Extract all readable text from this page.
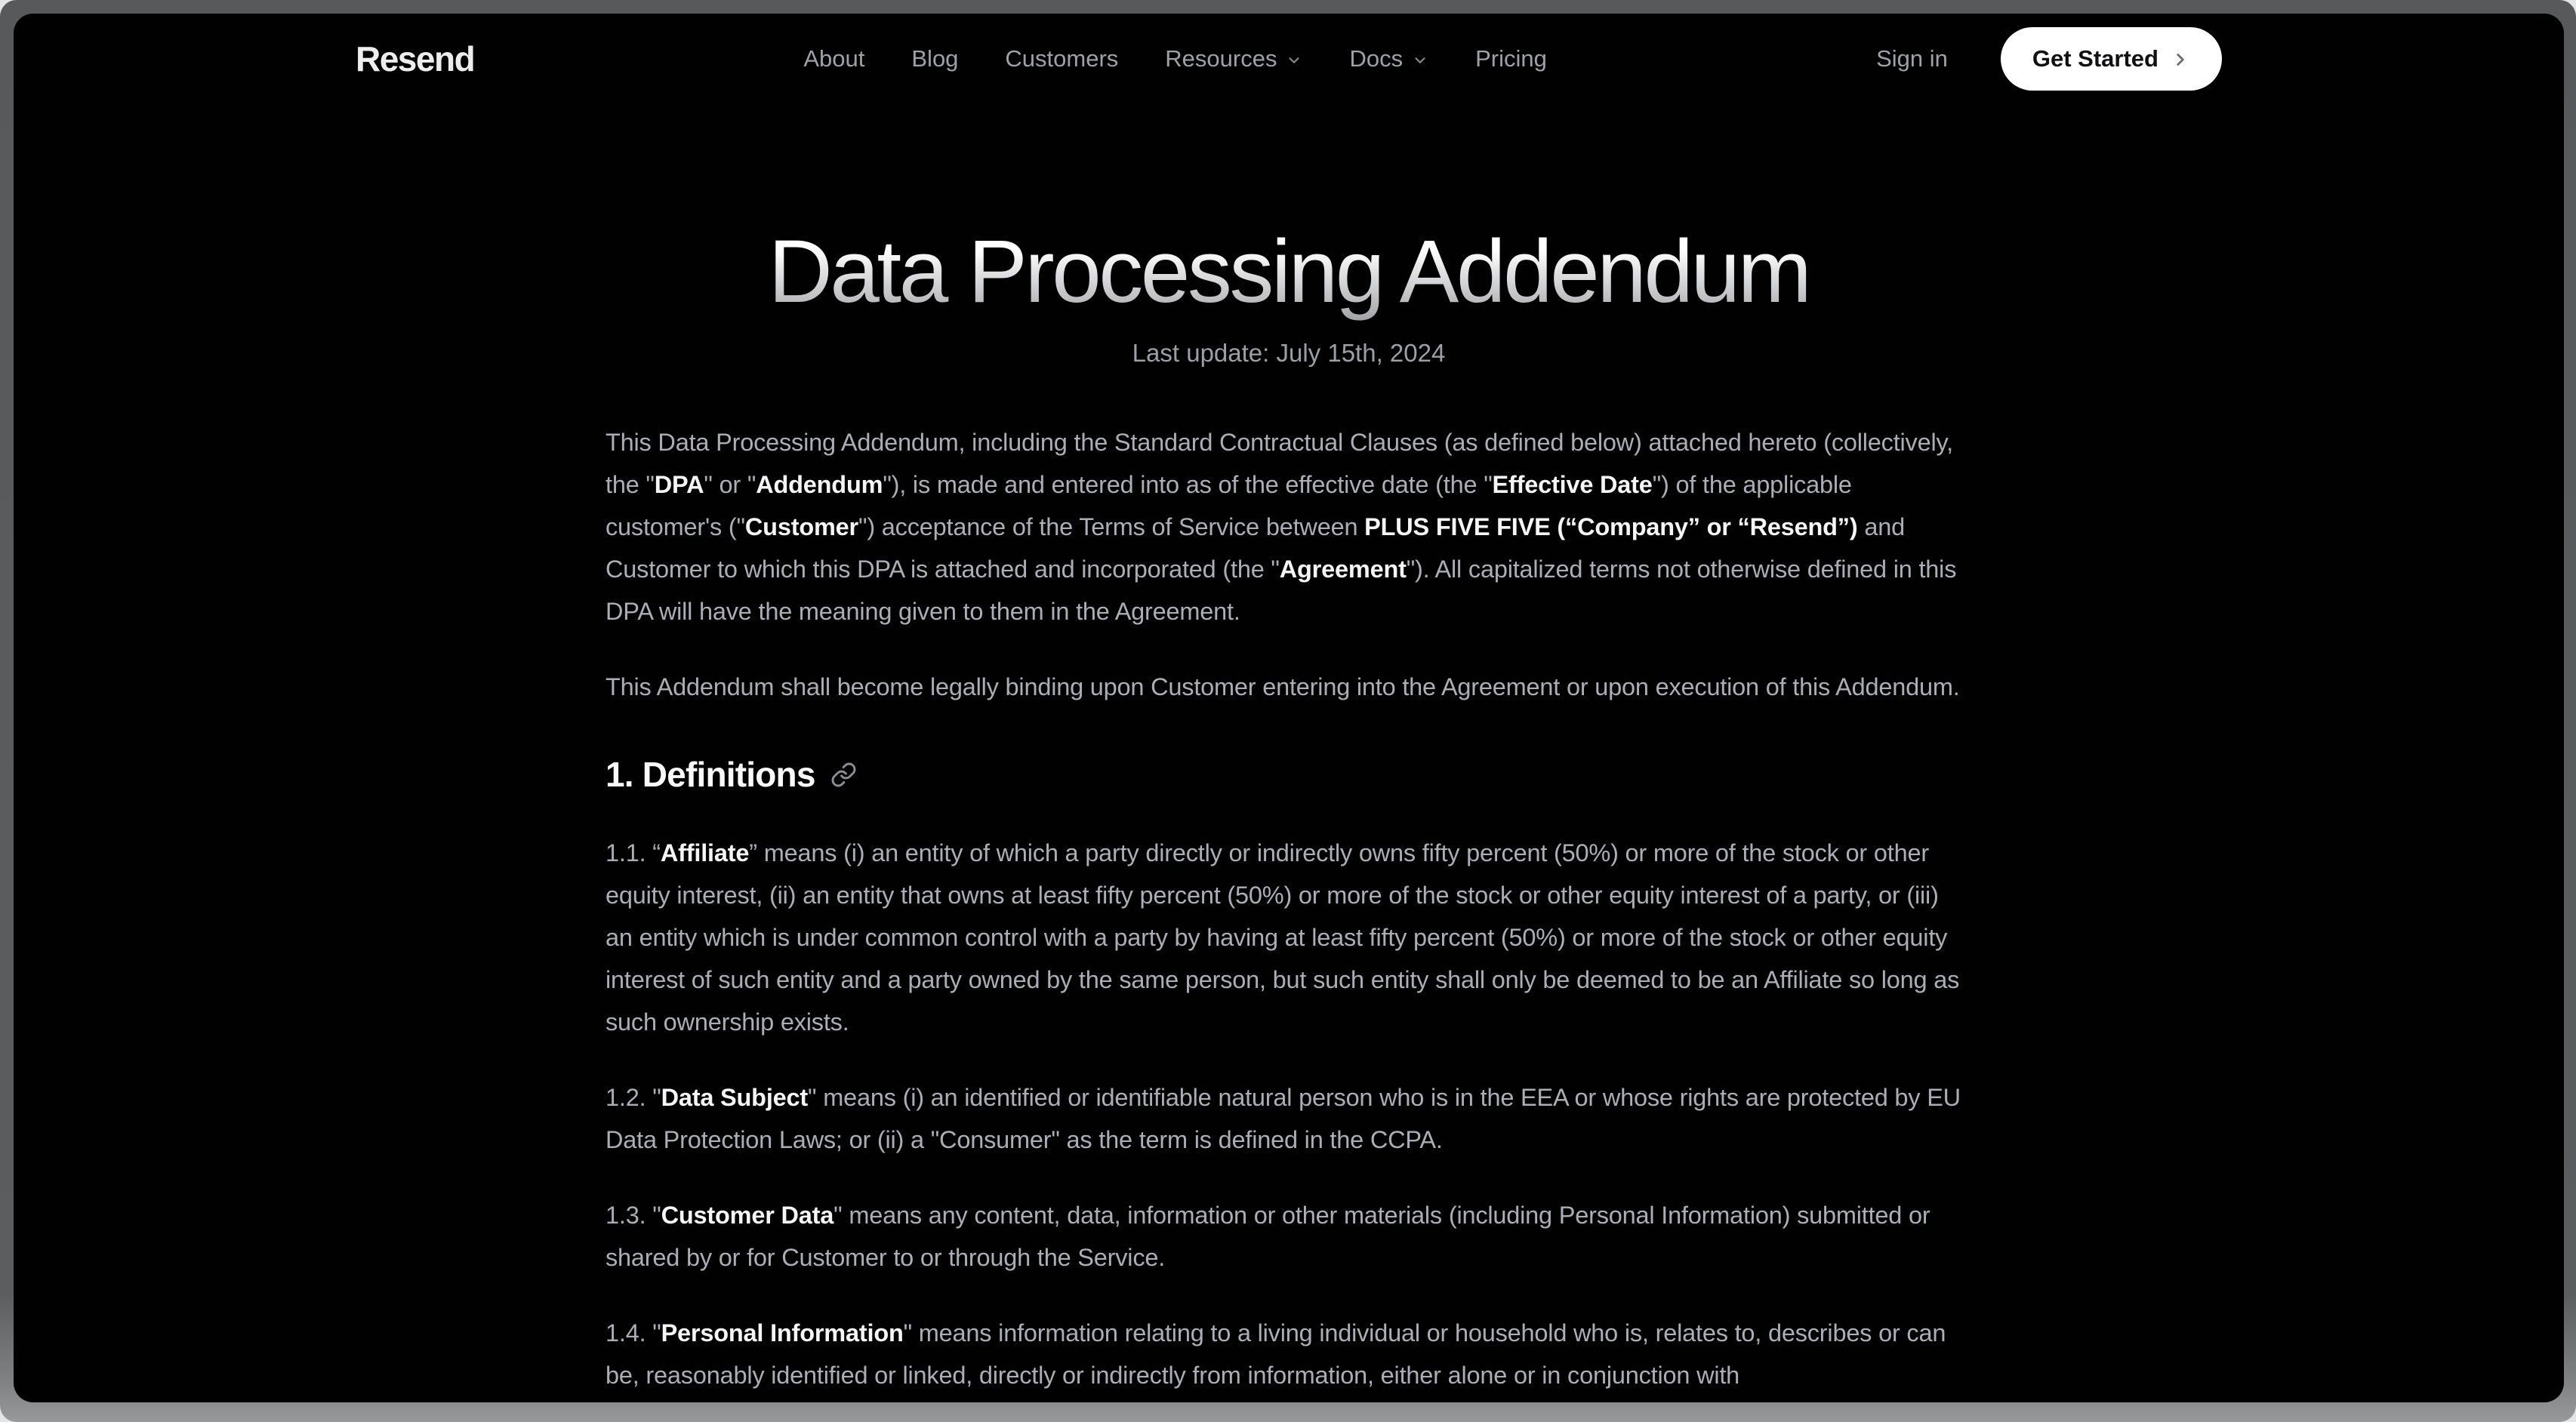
Resend	About Blog Customers Resources	Docs	Pricing	Sign in	Get Started
Data Processing Addendum

Last update: July 15th, 2024

This Data Processing Addendum, including the Standard Contractual Clauses (as defined below) attached hereto (collectively, the "DPA" or "Addendum"), is made and entered into as of the effective date (the "Effective Date") of the applicable customer's ("Customer") acceptance of the Terms of Service between PLUS FIVE FIVE (“Company” or “Resend”) and Customer to which this DPA is attached and incorporated (the "Agreement"). All capitalized terms not otherwise defined in this DPA will have the meaning given to them in the Agreement.

This Addendum shall become legally binding upon Customer entering into the Agreement or upon execution of this Addendum.

1. Definitions

1.1. “Affiliate” means (i) an entity of which a party directly or indirectly owns fifty percent (50%) or more of the stock or other equity interest, (ii) an entity that owns at least fifty percent (50%) or more of the stock or other equity interest of a party, or (iii) an entity which is under common control with a party by having at least fifty percent (50%) or more of the stock or other equity interest of such entity and a party owned by the same person, but such entity shall only be deemed to be an Affiliate so long as such ownership exists.

1.2. "Data Subject" means (i) an identified or identifiable natural person who is in the EEA or whose rights are protected by EU Data Protection Laws; or (ii) a "Consumer" as the term is defined in the CCPA.

1.3. "Customer Data" means any content, data, information or other materials (including Personal Information) submitted or shared by or for Customer to or through the Service.

1.4. "Personal Information" means information relating to a living individual or household who is, relates to, describes or can be, reasonably identified or linked, directly or indirectly from information, either alone or in conjunction with
